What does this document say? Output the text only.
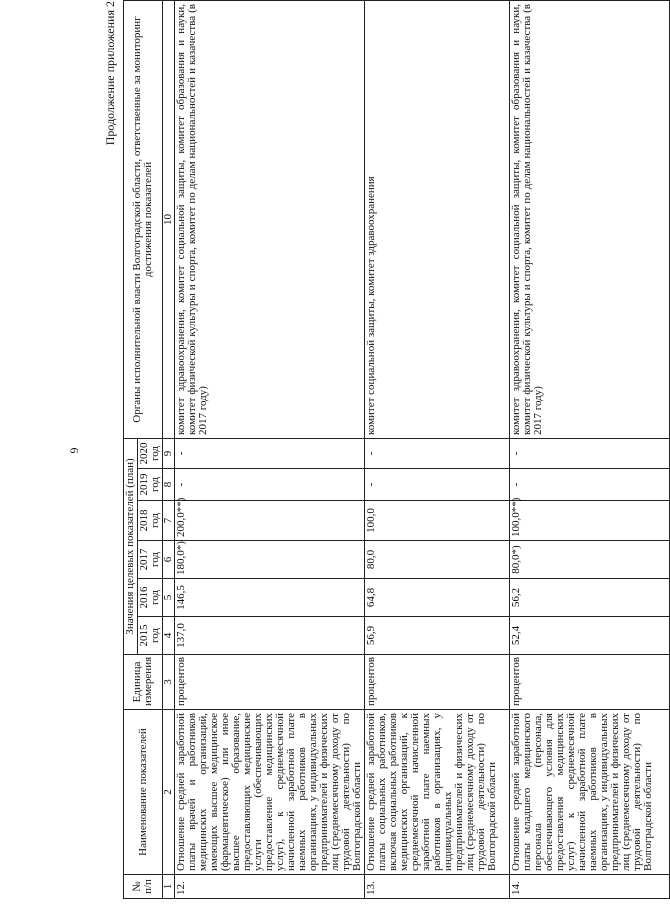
6
Продолжение приложения 2
№ п/п	Наименование показателей	Единица измерения	Значения целевых показателей (план)						Органы исполнительной власти Волгоградской области, ответственные за мониторинг достижения показателей
			2015 год	2016 год	2017 год	2018 год	2019 год	2020 год	
1	2	3	4	5	6	7	8	9	10
12.	Отношение средней заработной платы врачей и работников медицинских организаций, имеющих высшее медицинское (фармацевтическое) или иное высшее образование, предоставляющих медицинские услуги (обеспечивающих предоставление медицинских услуг), к среднемесячной начисленной заработной плате наемных работников в организациях, у индивидуальных предпринимателей и физических лиц (среднемесячному доходу от трудовой деятельности) по Волгоградской области	процентов	137,0	146,5	180,0*)	200,0**)	-	-	комитет здравоохранения, комитет социальной защиты, комитет образования и науки, комитет физической культуры и спорта, комитет по делам национальностей и казачества (в 2017 году)
13.	Отношение средней заработной платы социальных работников, включая социальных работников медицинских организаций, к среднемесячной начисленной заработной плате наемных работников в организациях, у индивидуальных предпринимателей и физических лиц (среднемесячному доходу от трудовой деятельности) по Волгоградской области	процентов	56,9	64,8	80,0	100,0	-	-	комитет социальной защиты, комитет здравоохранения
14.	Отношение средней заработной платы младшего медицинского персонала (персонала, обеспечивающего условия для предоставления медицинских услуг) к среднемесячной начисленной заработной плате наемных работников в организациях, у индивидуальных предпринимателей и физических лиц (среднемесячному доходу от трудовой деятельности) по Волгоградской области	процентов	52,4	56,2	80,0*)	100,0**)	-	-	комитет здравоохранения, комитет социальной защиты, комитет образования и науки, комитет физической культуры и спорта, комитет по делам национальностей и казачества (в 2017 году)
